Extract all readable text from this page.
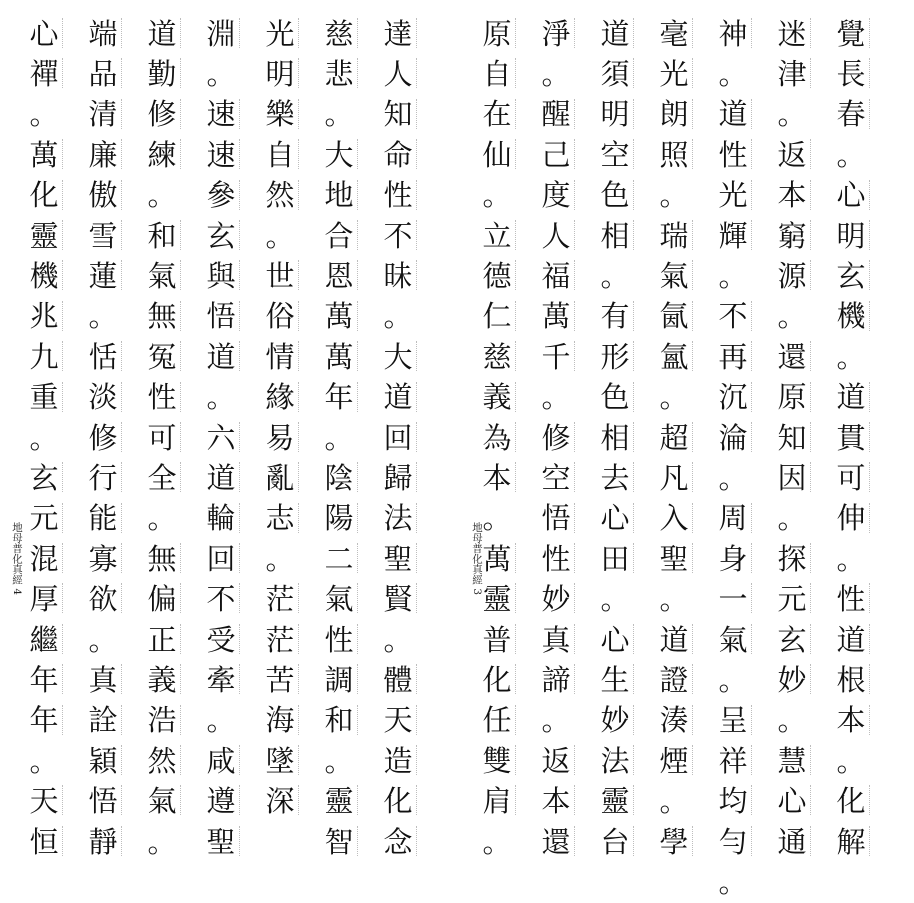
覺
長
春
。
心
明
玄
機
。
道
貫
可
伸
。
性
道
根
本
。
化
解
迷
津
。
返
本
窮
源
。
還
原
知
因
。
探
元
玄
妙
。
慧
心
通
神
。
道
性
光
輝
。
不
再
沉
淪
。
周
身
一
氣
。
呈
祥
均
勻
。
毫
光
朗
照
。
瑞
氣
氤
氳
。
超
凡
入
聖
。
道
證
湊
煙
。
學
道
須
明
空
色
相
。
有
形
色
相
去
心
田
。
心
生
妙
法
靈
台
淨
。
醒
己
度
人
福
萬
千
。
修
空
悟
性
妙
真
諦
。
返
本
還
原
自
在
仙
。
立
德
仁
慈
義
為
本
。
萬
靈
普
化
任
雙
肩
。
地母普化真經 3
達
人
知
命
性
不
昧
。
大
道
回
歸
法
聖
賢
。
體
天
造
化
念
慈
悲
。
大
地
合
恩
萬
萬
年
。
陰
陽
二
氣
性
調
和
。
靈
智
光
明
樂
自
然
。
世
俗
情
緣
易
亂
志
。
茫
茫
苦
海
墜
深
淵
。
速
速
參
玄
與
悟
道
。
六
道
輪
回
不
受
牽
。
咸
遵
聖
道
勤
修
練
。
和
氣
無
冤
性
可
全
。
無
偏
正
義
浩
然
氣
。
端
品
清
廉
傲
雪
蓮
。
恬
淡
修
行
能
寡
欲
。
真
詮
穎
悟
靜
心
禪
。
萬
化
靈
機
兆
九
重
。
玄
元
混
厚
繼
年
年
。
天
恒
地母普化真經 4
